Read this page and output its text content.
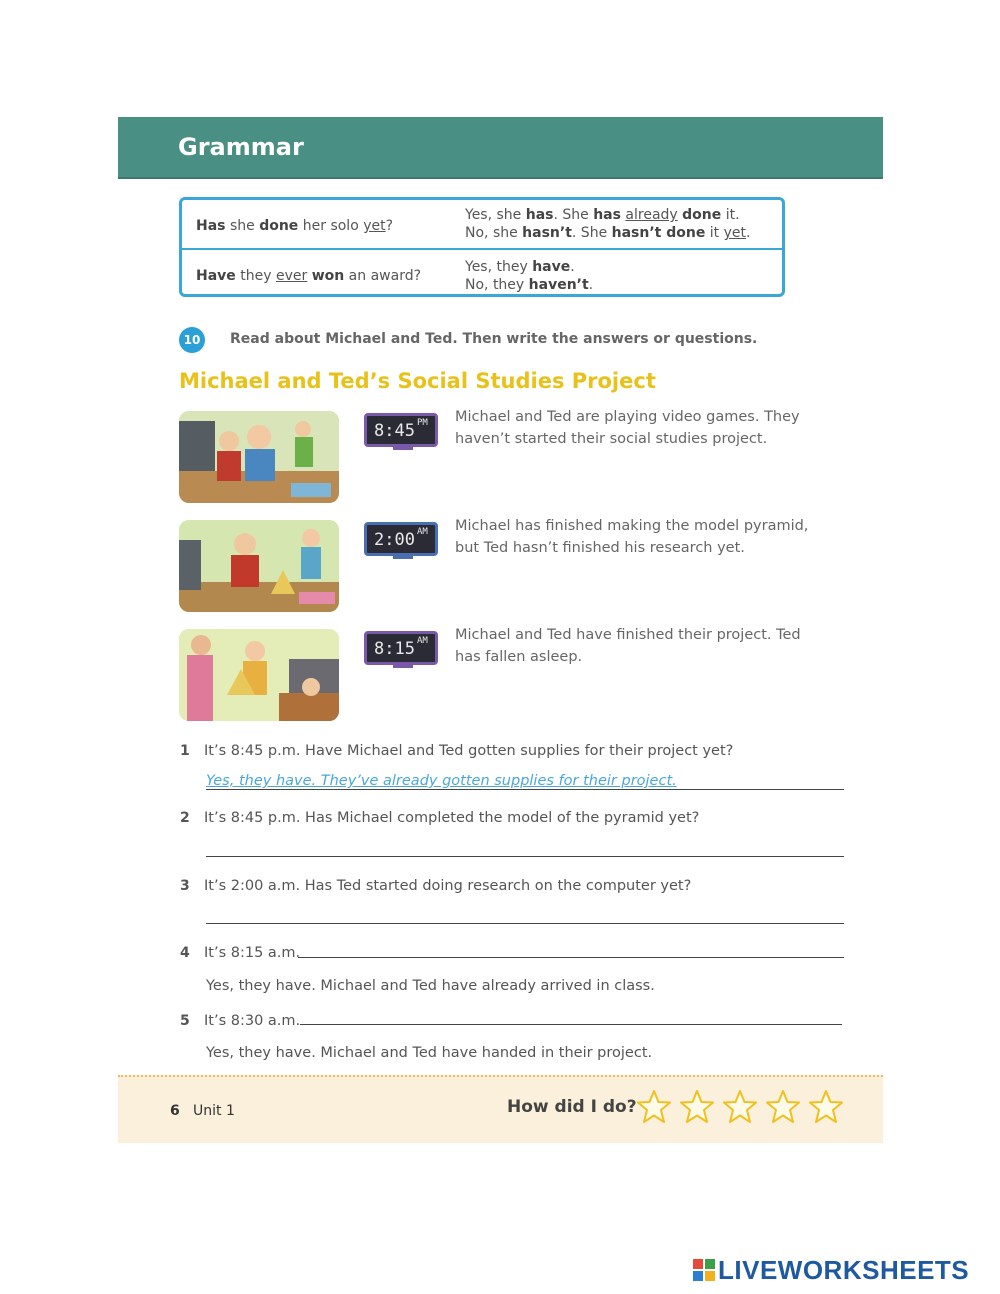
Grammar
Has she done her solo yet?
Yes, she has. She has already done it.
No, she hasn’t. She hasn’t done it yet.
Have they ever won an award?
Yes, they have.
No, they haven’t.
10	Read about Michael and Ted. Then write the answers or questions.
Michael and Ted’s Social Studies Project
8:45 PM Michael and Ted are playing video games. They haven’t started their social studies project.
2:00 AM Michael has finished making the model pyramid, but Ted hasn’t finished his research yet.
8:15 AM Michael and Ted have finished their project. Ted has fallen asleep.
1 It’s 8:45 p.m. Have Michael and Ted gotten supplies for their project yet?
Yes, they have. They’ve already gotten supplies for their project.
2 It’s 8:45 p.m. Has Michael completed the model of the pyramid yet?
3 It’s 2:00 a.m. Has Ted started doing research on the computer yet?
4 It’s 8:15 a.m.
Yes, they have. Michael and Ted have already arrived in class.
5 It’s 8:30 a.m.
Yes, they have. Michael and Ted have handed in their project.
6 Unit 1	How did I do?
LIVEWORKSHEETS
